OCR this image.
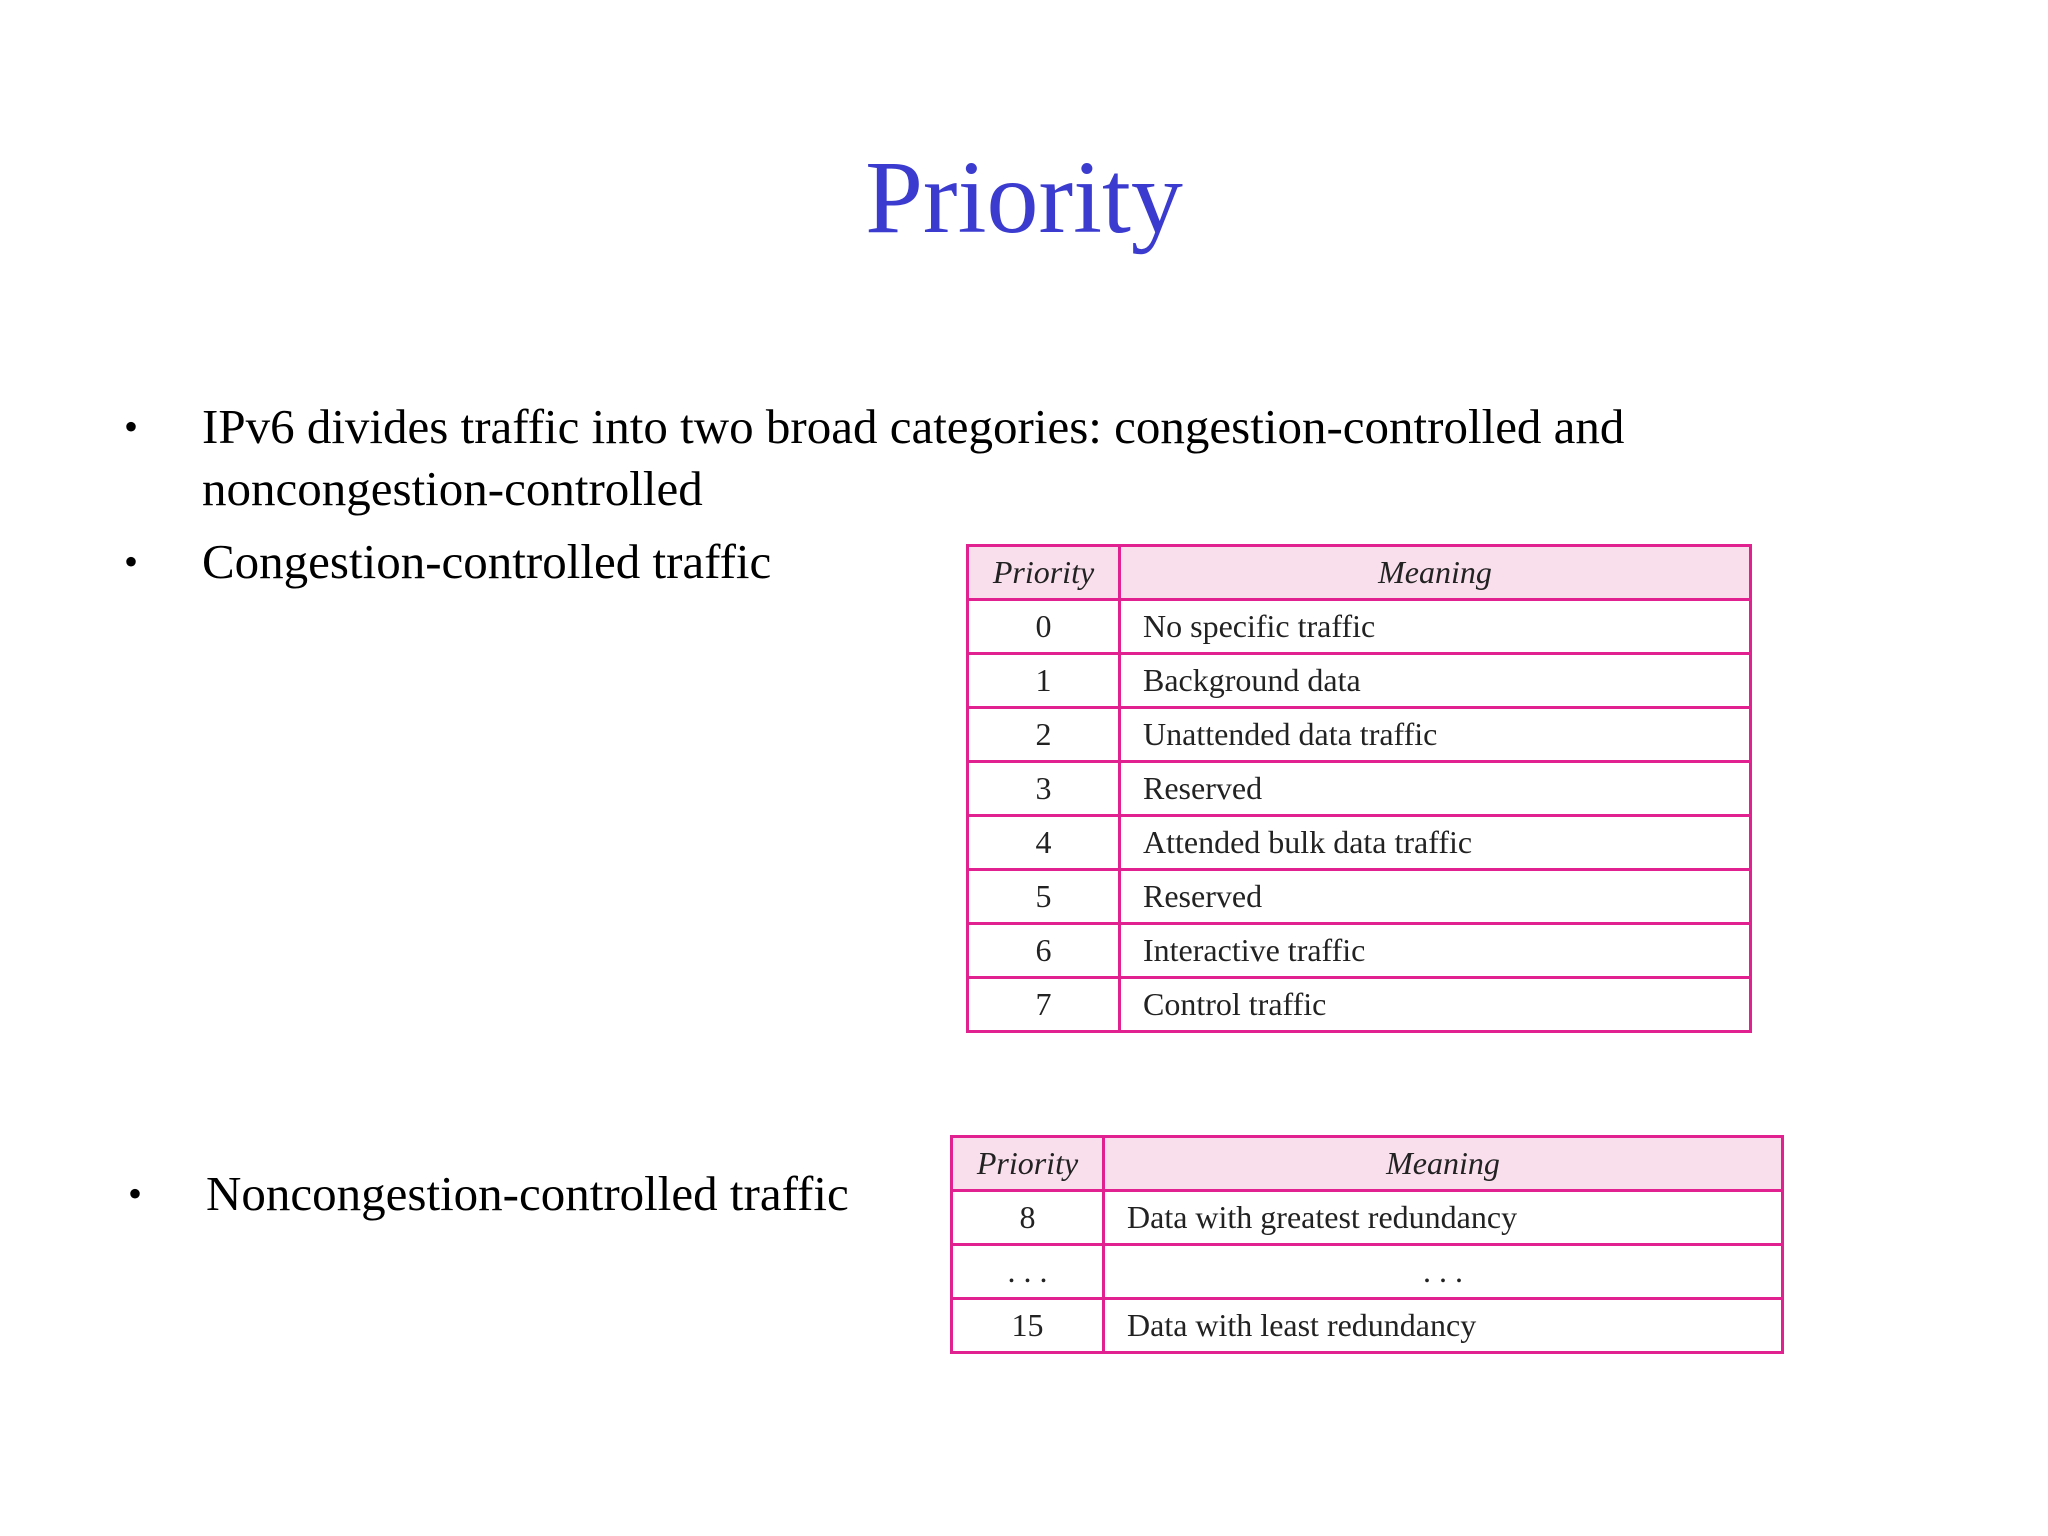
Priority
•	IPv6 divides traffic into two broad categories: congestion-controlled and
noncongestion-controlled
•	Congestion-controlled traffic
•	Noncongestion-controlled traffic
Priority	Meaning
0	No specific traffic
1	Background data
2	Unattended data traffic
3	Reserved
4	Attended bulk data traffic
5	Reserved
6	Interactive traffic
7	Control traffic
Priority	Meaning
8	Data with greatest redundancy
. . .	. . .
15	Data with least redundancy
